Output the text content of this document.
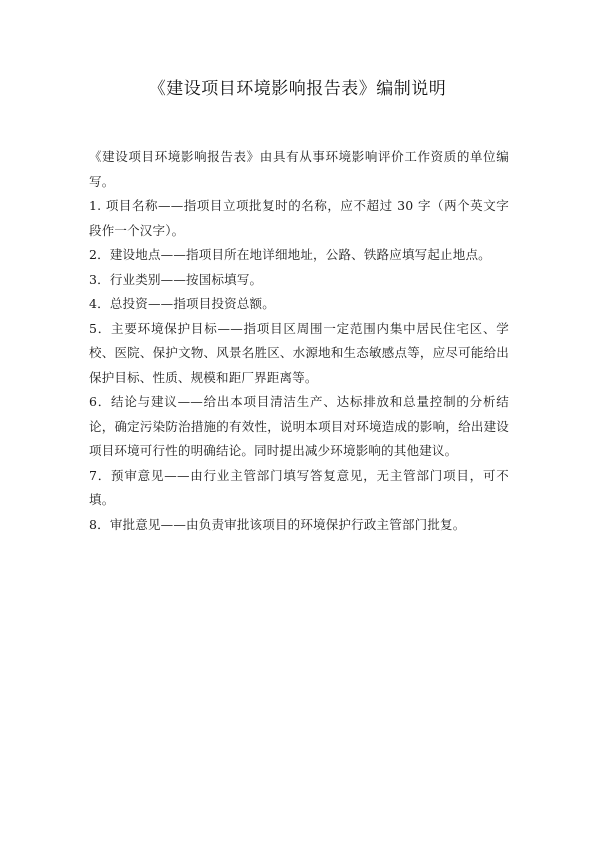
《建设项目环境影响报告表》编制说明

《建设项目环境影响报告表》由具有从事环境影响评价工作资质的单位编写。

1. 项目名称——指项目立项批复时的名称，应不超过 30 字（两个英文字段作一个汉字）。

2．建设地点——指项目所在地详细地址，公路、铁路应填写起止地点。

3．行业类别——按国标填写。

4．总投资——指项目投资总额。

5．主要环境保护目标——指项目区周围一定范围内集中居民住宅区、学校、医院、保护文物、风景名胜区、水源地和生态敏感点等，应尽可能给出保护目标、性质、规模和距厂界距离等。

6．结论与建议——给出本项目清洁生产、达标排放和总量控制的分析结论，确定污染防治措施的有效性，说明本项目对环境造成的影响，给出建设项目环境可行性的明确结论。同时提出减少环境影响的其他建议。

7．预审意见——由行业主管部门填写答复意见，无主管部门项目，可不填。

8．审批意见——由负责审批该项目的环境保护行政主管部门批复。
